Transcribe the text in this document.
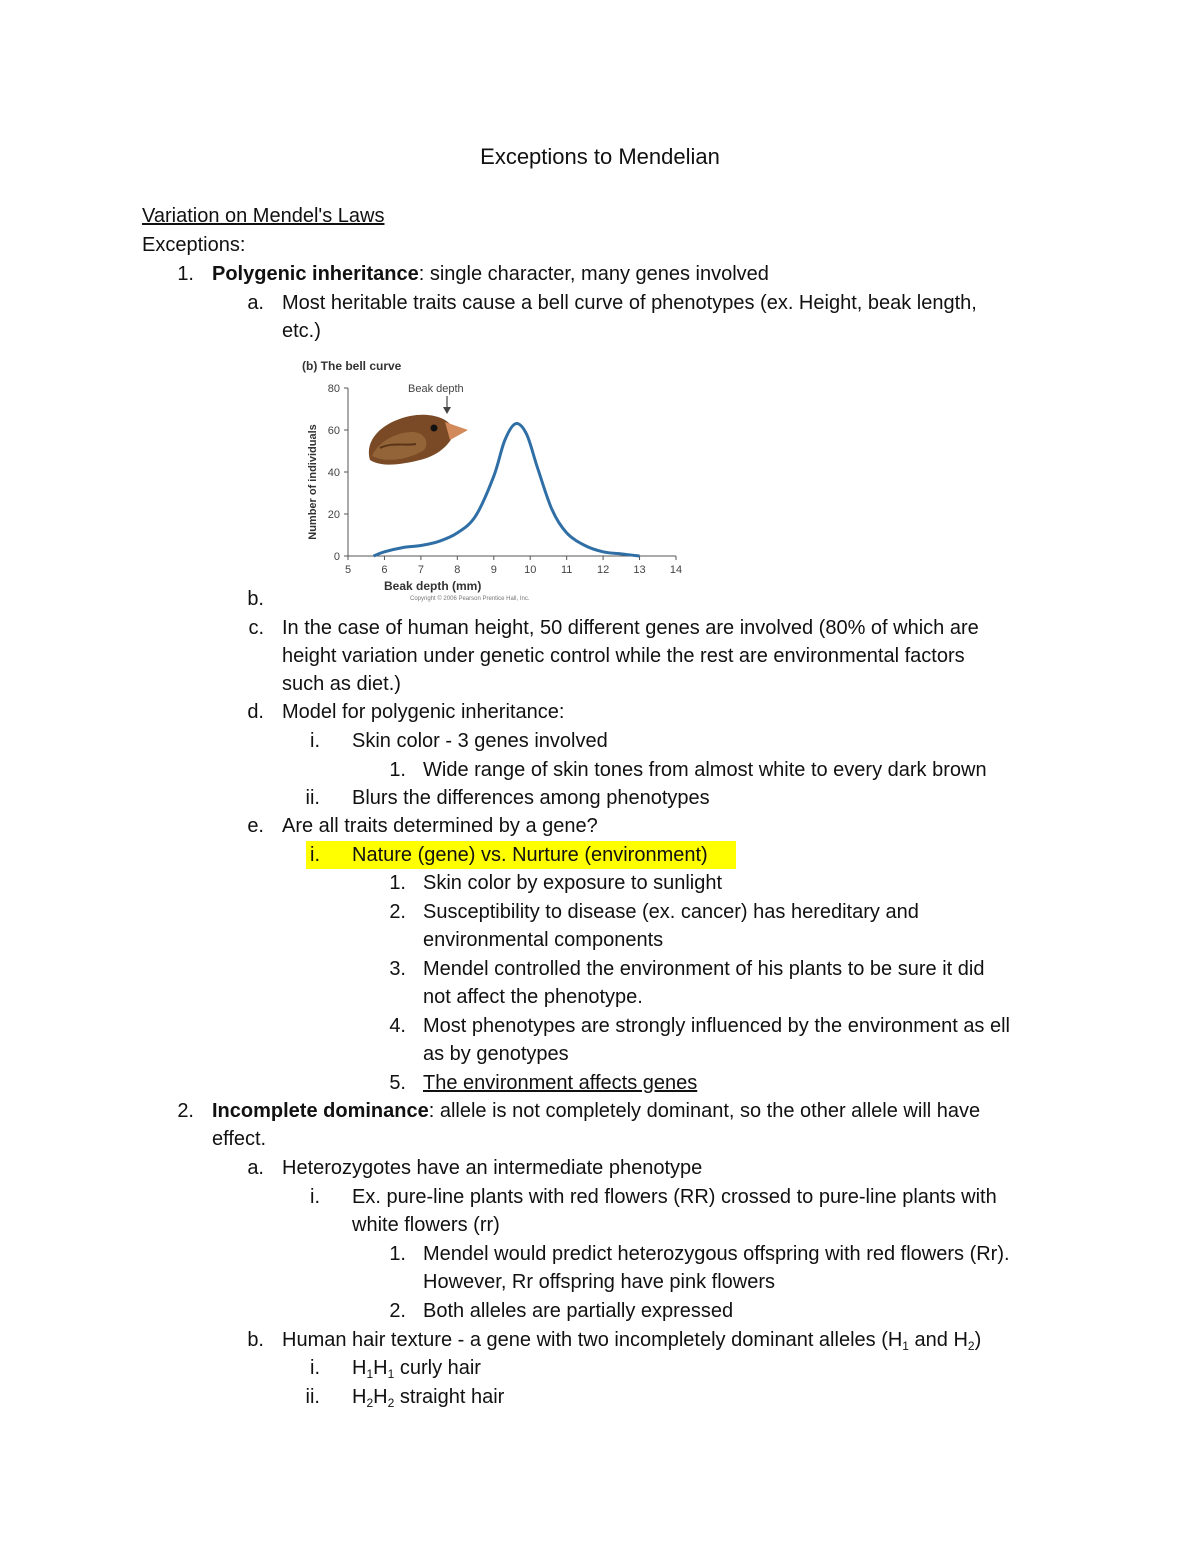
Exceptions to Mendelian
Variation on Mendel's Laws
Exceptions:
1. Polygenic inheritance: single character, many genes involved
a. Most heritable traits cause a bell curve of phenotypes (ex. Height, beak length,
etc.)
(b) The bell curve
0
20
40
60
80
5	6	7	8	9 10 11 12 13 14
Beak depth
Beak depth (mm)
Number of individuals
Copyright © 2006 Pearson Prentice Hall, Inc.
b.
c. In the case of human height, 50 different genes are involved (80% of which are
height variation under genetic control while the rest are environmental factors
such as diet.)
d. Model for polygenic inheritance:
i. Skin color - 3 genes involved
1. Wide range of skin tones from almost white to every dark brown
ii. Blurs the differences among phenotypes
e. Are all traits determined by a gene?
i. Nature (gene) vs. Nurture (environment)
1. Skin color by exposure to sunlight
2. Susceptibility to disease (ex. cancer) has hereditary and
environmental components
3. Mendel controlled the environment of his plants to be sure it did
not affect the phenotype.
4. Most phenotypes are strongly influenced by the environment as ell
as by genotypes
5. The environment affects genes
2. Incomplete dominance: allele is not completely dominant, so the other allele will have
effect.
a. Heterozygotes have an intermediate phenotype
i. Ex. pure-line plants with red flowers (RR) crossed to pure-line plants with
white flowers (rr)
1. Mendel would predict heterozygous offspring with red flowers (Rr).
However, Rr offspring have pink flowers
2. Both alleles are partially expressed
b. Human hair texture - a gene with two incompletely dominant alleles ($H_1$ and $H_2$)
i. $H_1H_1$ curly hair
ii. $H_2H_2$ straight hair
